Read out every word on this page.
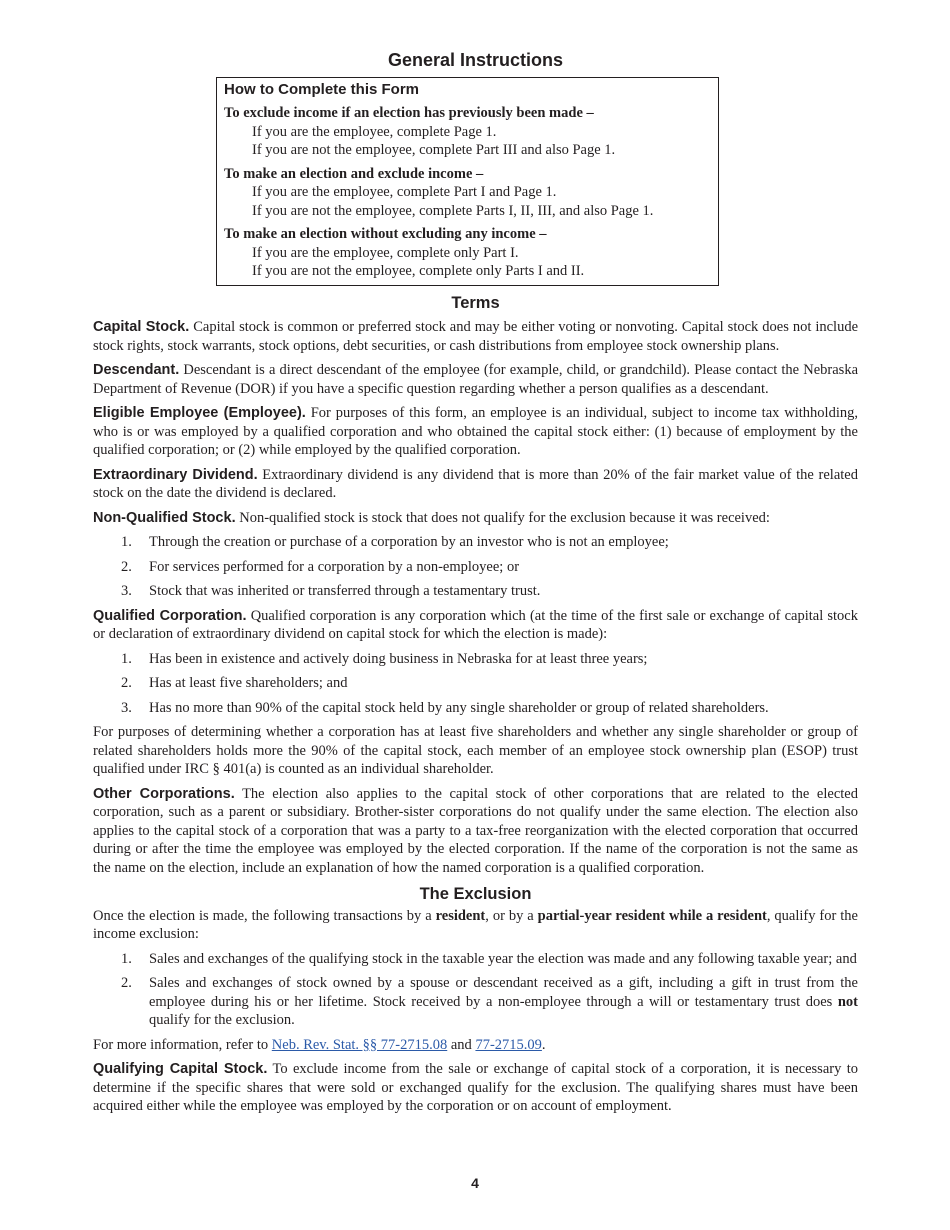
General Instructions
How to Complete this Form
To exclude income if an election has previously been made –
If you are the employee, complete Page 1.
If you are not the employee, complete Part III and also Page 1.
To make an election and exclude income –
If you are the employee, complete Part I and Page 1.
If you are not the employee, complete Parts I, II, III, and also Page 1.
To make an election without excluding any income –
If you are the employee, complete only Part I.
If you are not the employee, complete only Parts I and II.
Terms

Capital Stock. Capital stock is common or preferred stock and may be either voting or nonvoting. Capital stock does not include stock rights, stock warrants, stock options, debt securities, or cash distributions from employee stock ownership plans.

Descendant. Descendant is a direct descendant of the employee (for example, child, or grandchild). Please contact the Nebraska Department of Revenue (DOR) if you have a specific question regarding whether a person qualifies as a descendant.

Eligible Employee (Employee). For purposes of this form, an employee is an individual, subject to income tax withholding, who is or was employed by a qualified corporation and who obtained the capital stock either: (1) because of employment by the qualified corporation; or (2) while employed by the qualified corporation.

Extraordinary Dividend. Extraordinary dividend is any dividend that is more than 20% of the fair market value of the related stock on the date the dividend is declared.

Non-Qualified Stock. Non-qualified stock is stock that does not qualify for the exclusion because it was received:

1. Through the creation or purchase of a corporation by an investor who is not an employee;
2. For services performed for a corporation by a non-employee; or
3. Stock that was inherited or transferred through a testamentary trust.

Qualified Corporation. Qualified corporation is any corporation which (at the time of the first sale or exchange of capital stock or declaration of extraordinary dividend on capital stock for which the election is made):

1. Has been in existence and actively doing business in Nebraska for at least three years;
2. Has at least five shareholders; and
3. Has no more than 90% of the capital stock held by any single shareholder or group of related shareholders.

For purposes of determining whether a corporation has at least five shareholders and whether any single shareholder or group of related shareholders holds more the 90% of the capital stock, each member of an employee stock ownership plan (ESOP) trust qualified under IRC § 401(a) is counted as an individual shareholder.

Other Corporations. The election also applies to the capital stock of other corporations that are related to the elected corporation, such as a parent or subsidiary. Brother-sister corporations do not qualify under the same election. The election also applies to the capital stock of a corporation that was a party to a tax-free reorganization with the elected corporation that occurred during or after the time the employee was employed by the elected corporation. If the name of the corporation is not the same as the name on the election, include an explanation of how the named corporation is a qualified corporation.

The Exclusion

Once the election is made, the following transactions by a resident, or by a partial-year resident while a resident, qualify for the income exclusion:

1. Sales and exchanges of the qualifying stock in the taxable year the election was made and any following taxable year; and
2. Sales and exchanges of stock owned by a spouse or descendant received as a gift, including a gift in trust from the employee during his or her lifetime. Stock received by a non-employee through a will or testamentary trust does not qualify for the exclusion.

For more information, refer to Neb. Rev. Stat. §§ 77-2715.08 and 77-2715.09.

Qualifying Capital Stock. To exclude income from the sale or exchange of capital stock of a corporation, it is necessary to determine if the specific shares that were sold or exchanged qualify for the exclusion. The qualifying shares must have been acquired either while the employee was employed by the corporation or on account of employment.

4
